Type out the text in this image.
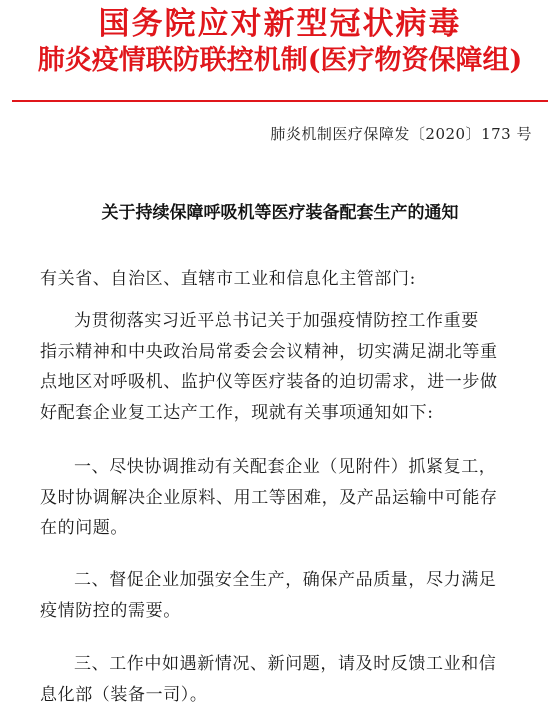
国务院应对新型冠状病毒
肺炎疫情联防联控机制(医疗物资保障组)
肺炎机制医疗保障发〔2020〕173 号
关于持续保障呼吸机等医疗装备配套生产的通知
有关省、自治区、直辖市工业和信息化主管部门:
为贯彻落实习近平总书记关于加强疫情防控工作重要
指示精神和中央政治局常委会会议精神，切实满足湖北等重
点地区对呼吸机、监护仪等医疗装备的迫切需求，进一步做
好配套企业复工达产工作，现就有关事项通知如下:
一、尽快协调推动有关配套企业（见附件）抓紧复工，
及时协调解决企业原料、用工等困难，及产品运输中可能存
在的问题。
二、督促企业加强安全生产，确保产品质量，尽力满足
疫情防控的需要。
三、工作中如遇新情况、新问题，请及时反馈工业和信
息化部（装备一司）。
